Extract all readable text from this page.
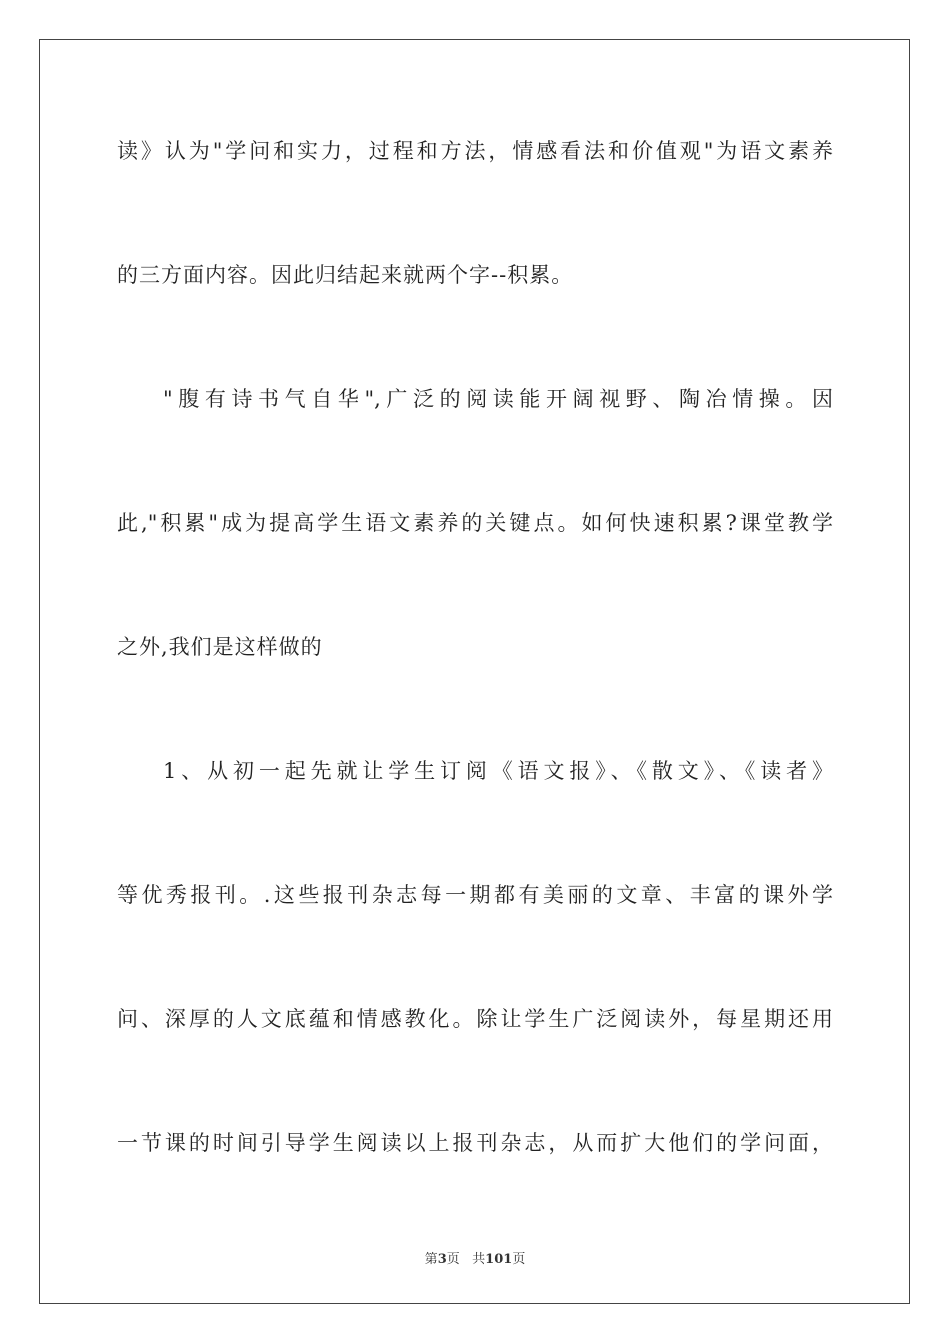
读》认为"学问和实力，过程和方法，情感看法和价值观"为语文素养
的三方面内容。因此归结起来就两个字--积累。
"腹有诗书气自华",广泛的阅读能开阔视野、陶冶情操。因
此,"积累"成为提高学生语文素养的关键点。如何快速积累?课堂教学
之外,我们是这样做的
1、从初一起先就让学生订阅《语文报》、《散文》、《读者》
等优秀报刊。.这些报刊杂志每一期都有美丽的文章、丰富的课外学
问、深厚的人文底蕴和情感教化。除让学生广泛阅读外，每星期还用
一节课的时间引导学生阅读以上报刊杂志，从而扩大他们的学问面，
第3页 共101页
